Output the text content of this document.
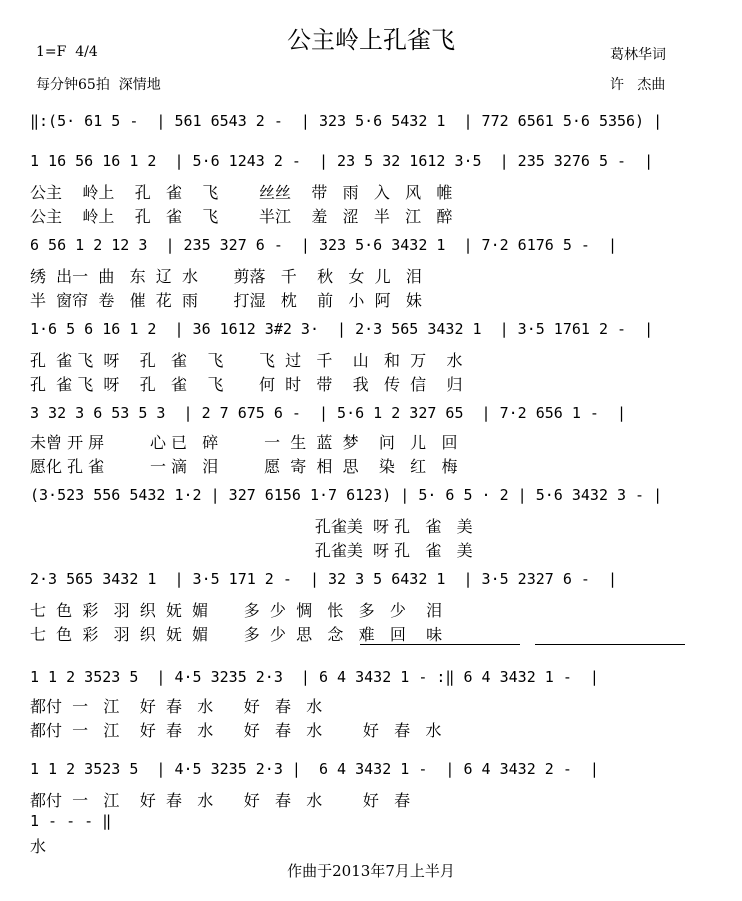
公主岭上孔雀飞
1=F  4/4
每分钟65拍  深情地
葛林华词
许   杰曲
‖:(5· 61 5 -  | 561 6543 2 -  | 323 5·6 5432 1  | 772 6561 5·6 5356) |
1 16 56 16 1 2  | 5·6 1243 2 -  | 23 5 32 1612 3·5  | 235 3276 5 -  |
公主    岭上    孔   雀    飞        丝丝    带   雨   入   风   帷
公主    岭上    孔   雀    飞        半江    羞   涩   半   江   醉
6 56 1 2 12 3  | 235 327 6 -  | 323 5·6 3432 1  | 7·2 6176 5 -  |
绣  出一  曲   东  辽  水       剪落   千    秋   女  儿   泪
半  窗帘  卷   催  花  雨       打湿   枕    前   小  阿   妹
1·6 5 6 16 1 2  | 36 1612 3#2 3·  | 2·3 565 3432 1  | 3·5 1761 2 -  |
孔  雀 飞  呀    孔   雀    飞       飞  过   千    山   和  万    水
孔  雀 飞  呀    孔   雀    飞       何  时   带    我   传  信    归
3 32 3 6 53 5 3  | 2 7 675 6 -  | 5·6 1 2 327 65  | 7·2 656 1 -  |
未曾 开 屏         心 已   碎         一  生  蓝  梦    问   儿   回
愿化 孔 雀         一 滴   泪         愿  寄  相  思    染   红   梅
(3·523 556 5432 1·2 | 327 6156 1·7 6123) | 5· 6 5 · 2 | 5·6 3432 3 - |
孔雀美  呀 孔   雀   美
孔雀美  呀 孔   雀   美
2·3 565 3432 1  | 3·5 171 2 -  | 32 3 5 6432 1  | 3·5 2327 6 -  |
七  色  彩   羽  织  妩  媚       多  少  惆   怅   多   少    泪
七  色  彩   羽  织  妩  媚       多  少  思   念   难   回    味
1 1 2 3523 5  | 4·5 3235 2·3  | 6 4 3432 1 - :‖ 6 4 3432 1 -  |
都付  一   江    好  春   水      好   春   水
都付  一   江    好  春   水      好   春   水        好   春   水
1 1 2 3523 5  | 4·5 3235 2·3 |  6 4 3432 1 -  | 6 4 3432 2 -  |
都付  一   江    好  春   水      好   春   水        好   春
1 - - - ‖
水
作曲于2013年7月上半月
